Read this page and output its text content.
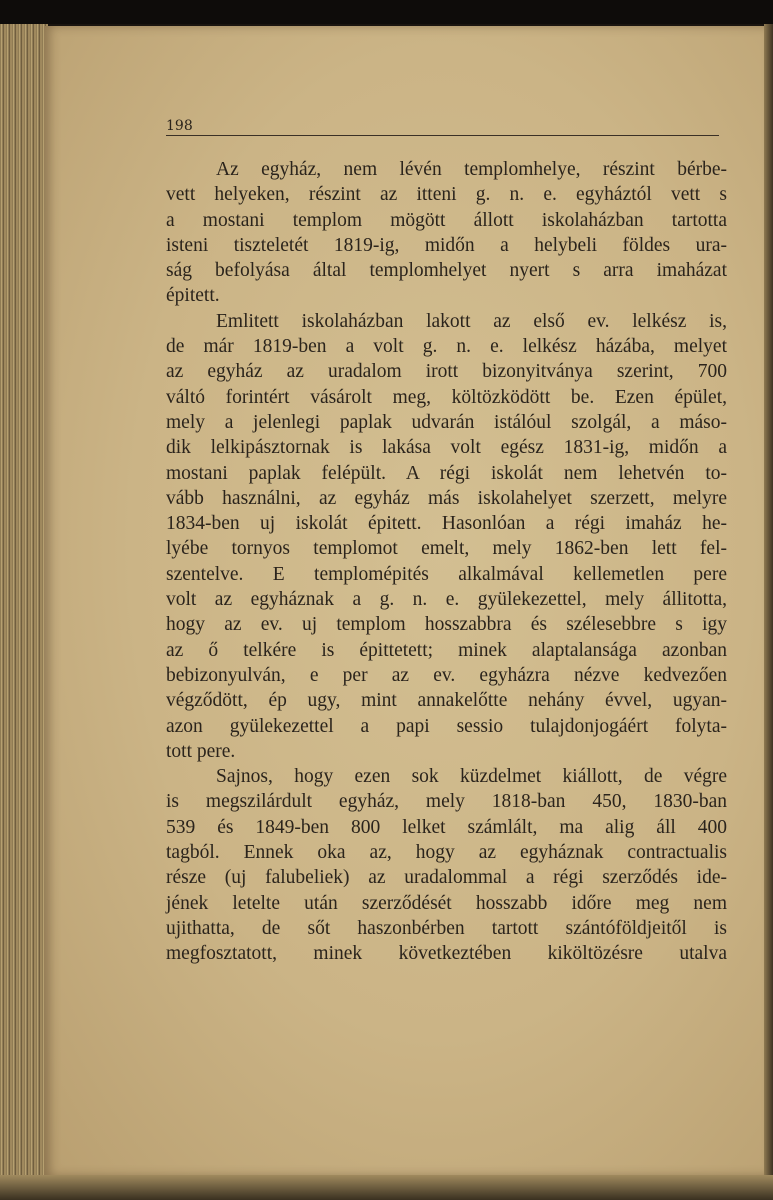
198
Az egyház, nem lévén templomhelye, részint bérbe-
vett helyeken, részint az itteni g. n. e. egyháztól vett s
a mostani templom mögött állott iskolaházban tartotta
isteni tiszteletét 1819-ig, midőn a helybeli földes ura-
ság befolyása által templomhelyet nyert s arra imaházat
épitett.
Emlitett iskolaházban lakott az első ev. lelkész is,
de már 1819-ben a volt g. n. e. lelkész házába, melyet
az egyház az uradalom irott bizonyitványa szerint, 700
váltó forintért vásárolt meg, költözködött be. Ezen épület,
mely a jelenlegi paplak udvarán istálóul szolgál, a máso-
dik lelkipásztornak is lakása volt egész 1831-ig, midőn a
mostani paplak felépült. A régi iskolát nem lehetvén to-
vább használni, az egyház más iskolahelyet szerzett, melyre
1834-ben uj iskolát épitett. Hasonlóan a régi imaház he-
lyébe tornyos templomot emelt, mely 1862-ben lett fel-
szentelve. E templomépités alkalmával kellemetlen pere
volt az egyháznak a g. n. e. gyülekezettel, mely állitotta,
hogy az ev. uj templom hosszabbra és szélesebbre s igy
az ő telkére is épittetett; minek alaptalansága azonban
bebizonyulván, e per az ev. egyházra nézve kedvezően
végződött, ép ugy, mint annakelőtte nehány évvel, ugyan-
azon gyülekezettel a papi sessio tulajdonjogáért folyta-
tott pere.
Sajnos, hogy ezen sok küzdelmet kiállott, de végre
is megszilárdult egyház, mely 1818-ban 450, 1830-ban
539 és 1849-ben 800 lelket számlált, ma alig áll 400
tagból. Ennek oka az, hogy az egyháznak contractualis
része (uj falubeliek) az uradalommal a régi szerződés ide-
jének letelte után szerződését hosszabb időre meg nem
ujithatta, de sőt haszonbérben tartott szántóföldjeitől is
megfosztatott, minek következtében kiköltözésre utalva
